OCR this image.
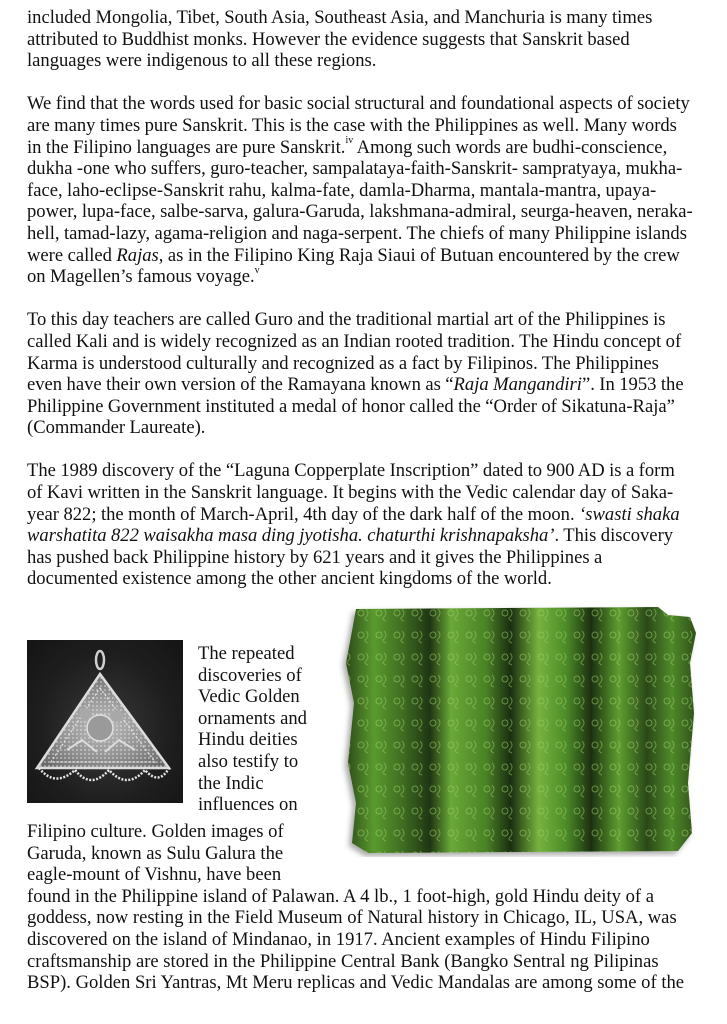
included Mongolia, Tibet, South Asia, Southeast Asia, and Manchuria is many times
attributed to Buddhist monks. However the evidence suggests that Sanskrit based
languages were indigenous to all these regions.

We find that the words used for basic social structural and foundational aspects of society
are many times pure Sanskrit. This is the case with the Philippines as well. Many words
in the Filipino languages are pure Sanskrit.$^{iv}$ Among such words are budhi-conscience,
dukha -one who suffers, guro-teacher, sampalataya-faith-Sanskrit- sampratyaya, mukha-
face, laho-eclipse-Sanskrit rahu, kalma-fate, damla-Dharma, mantala-mantra, upaya-
power, lupa-face, salbe-sarva, galura-Garuda, lakshmana-admiral, seurga-heaven, neraka-
hell, tamad-lazy, agama-religion and naga-serpent. The chiefs of many Philippine islands
were called Rajas, as in the Filipino King Raja Siaui of Butuan encountered by the crew
on Magellen’s famous voyage.$^v$

To this day teachers are called Guro and the traditional martial art of the Philippines is
called Kali and is widely recognized as an Indian rooted tradition. The Hindu concept of
Karma is understood culturally and recognized as a fact by Filipinos. The Philippines
even have their own version of the Ramayana known as “Raja Mangandiri”. In 1953 the
Philippine Government instituted a medal of honor called the “Order of Sikatuna-Raja”
(Commander Laureate).

The 1989 discovery of the “Laguna Copperplate Inscription” dated to 900 AD is a form
of Kavi written in the Sanskrit language. It begins with the Vedic calendar day of Saka-
year 822; the month of March-April, 4th day of the dark half of the moon. ‘swasti shaka
warshatita 822 waisakha masa ding jyotisha. chaturthi krishnapaksha’. This discovery
has pushed back Philippine history by 621 years and it gives the Philippines a
documented existence among the other ancient kingdoms of the world.

The repeated
discoveries of
Vedic Golden
ornaments and
Hindu deities
also testify to
the Indic
influences on
Filipino culture. Golden images of
Garuda, known as Sulu Galura the
eagle-mount of Vishnu, have been
found in the Philippine island of Palawan. A 4 lb., 1 foot-high, gold Hindu deity of a
goddess, now resting in the Field Museum of Natural history in Chicago, IL, USA, was
discovered on the island of Mindanao, in 1917. Ancient examples of Hindu Filipino
craftsmanship are stored in the Philippine Central Bank (Bangko Sentral ng Pilipinas
BSP). Golden Sri Yantras, Mt Meru replicas and Vedic Mandalas are among some of the
